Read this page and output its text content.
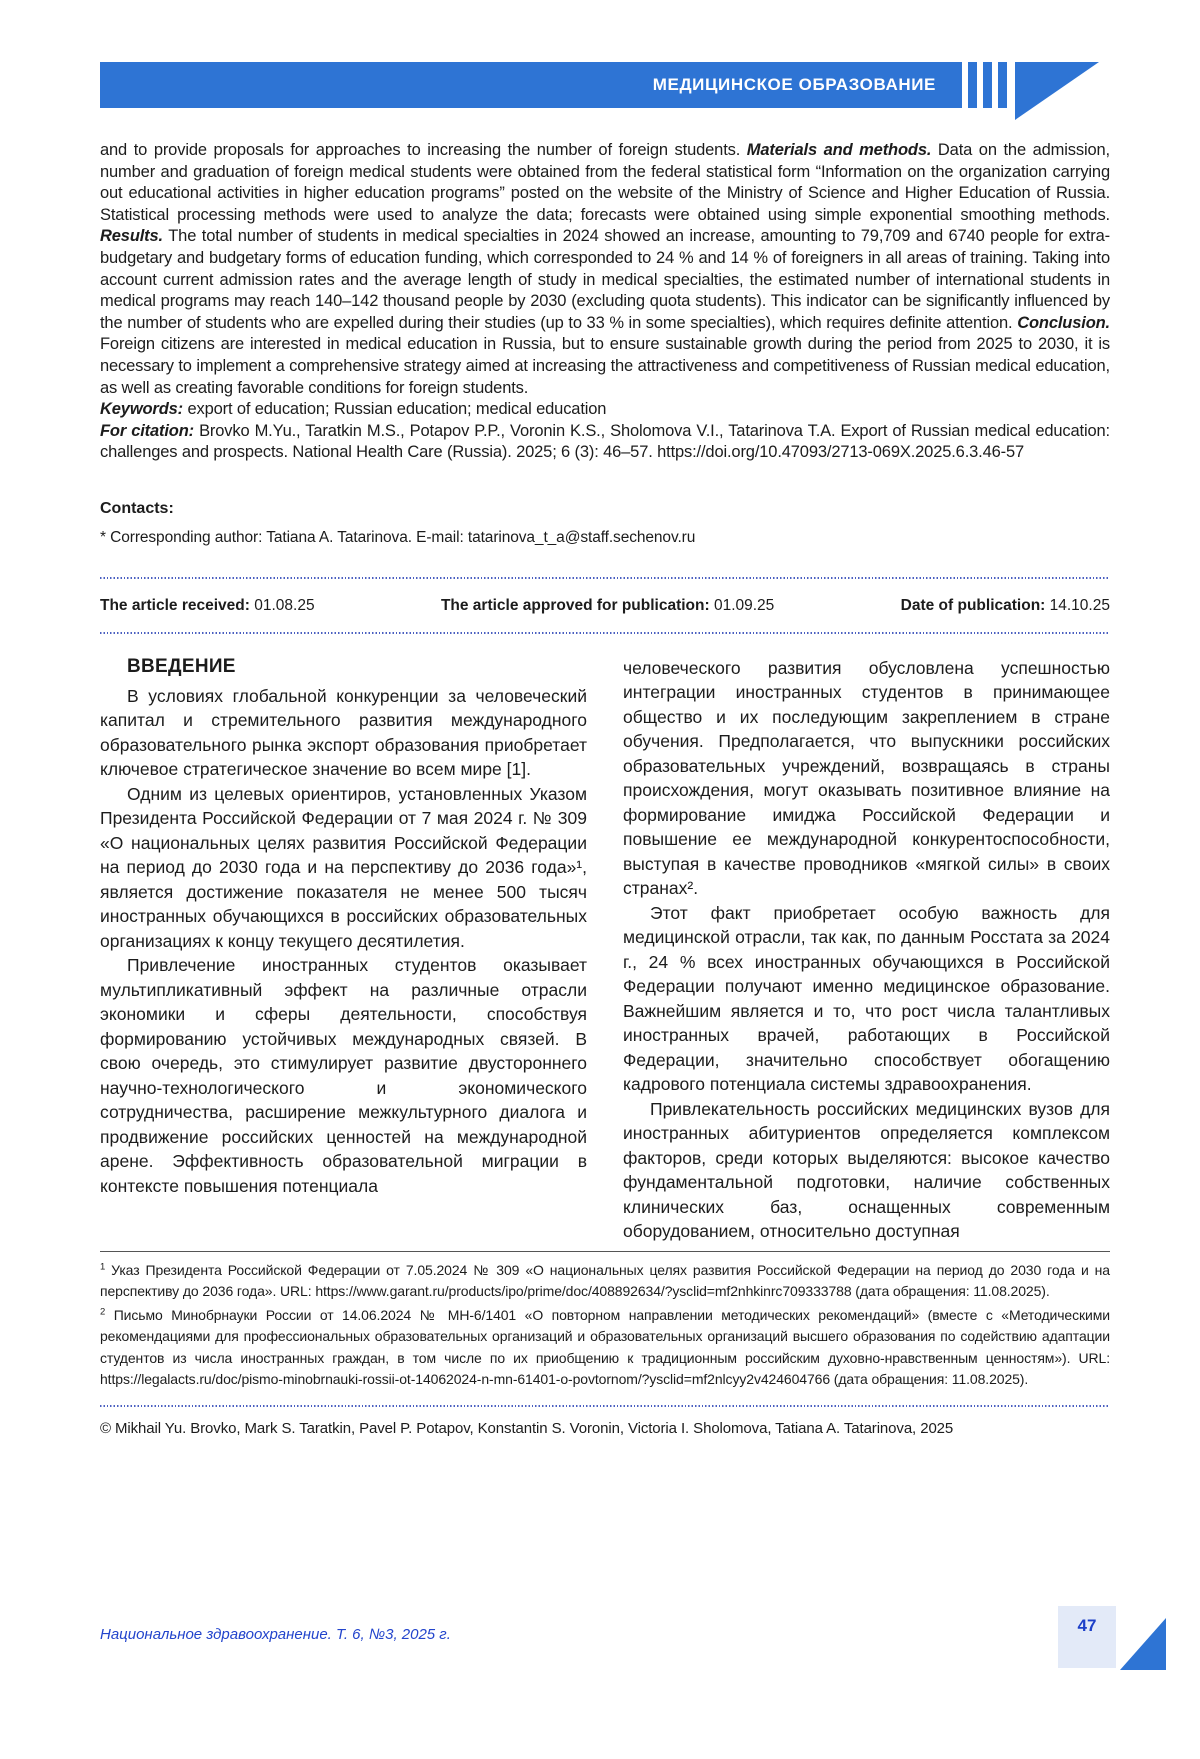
МЕДИЦИНСКОЕ ОБРАЗОВАНИЕ

and to provide proposals for approaches to increasing the number of foreign students. Materials and methods. Data on the admission, number and graduation of foreign medical students were obtained from the federal statistical form “Information on the organization carrying out educational activities in higher education programs” posted on the website of the Ministry of Science and Higher Education of Russia. Statistical processing methods were used to analyze the data; forecasts were obtained using simple exponential smoothing methods. Results. The total number of students in medical specialties in 2024 showed an increase, amounting to 79,709 and 6740 people for extra-budgetary and budgetary forms of education funding, which corresponded to 24 % and 14 % of foreigners in all areas of training. Taking into account current admission rates and the average length of study in medical specialties, the estimated number of international students in medical programs may reach 140–142 thousand people by 2030 (excluding quota students). This indicator can be significantly influenced by the number of students who are expelled during their studies (up to 33 % in some specialties), which requires definite attention. Conclusion. Foreign citizens are interested in medical education in Russia, but to ensure sustainable growth during the period from 2025 to 2030, it is necessary to implement a comprehensive strategy aimed at increasing the attractiveness and competitiveness of Russian medical education, as well as creating favorable conditions for foreign students.

Keywords: export of education; Russian education; medical education

For citation: Brovko M.Yu., Taratkin M.S., Potapov P.P., Voronin K.S., Sholomova V.I., Tatarinova T.A. Export of Russian medical education: challenges and prospects. National Health Care (Russia). 2025; 6 (3): 46–57. https://doi.org/10.47093/2713-069X.2025.6.3.46-57

Contacts:
* Corresponding author: Tatiana A. Tatarinova. E-mail: tatarinova_t_a@staff.sechenov.ru
The article received: 01.08.25	The article approved for publication: 01.09.25	Date of publication: 14.10.25
ВВЕДЕНИЕ

В условиях глобальной конкуренции за человеческий капитал и стремительного развития международного образовательного рынка экспорт образования приобретает ключевое стратегическое значение во всем мире [1].

Одним из целевых ориентиров, установленных Указом Президента Российской Федерации от 7 мая 2024 г. № 309 «О национальных целях развития Российской Федерации на период до 2030 года и на перспективу до 2036 года»¹, является достижение показателя не менее 500 тысяч иностранных обучающихся в российских образовательных организациях к концу текущего десятилетия.

Привлечение иностранных студентов оказывает мультипликативный эффект на различные отрасли экономики и сферы деятельности, способствуя формированию устойчивых международных связей. В свою очередь, это стимулирует развитие двустороннего научно-технологического и экономического сотрудничества, расширение межкультурного диалога и продвижение российских ценностей на международной арене. Эффективность образовательной миграции в контексте повышения потенциала

человеческого развития обусловлена успешностью интеграции иностранных студентов в принимающее общество и их последующим закреплением в стране обучения. Предполагается, что выпускники российских образовательных учреждений, возвращаясь в страны происхождения, могут оказывать позитивное влияние на формирование имиджа Российской Федерации и повышение ее международной конкурентоспособности, выступая в качестве проводников «мягкой силы» в своих странах².

Этот факт приобретает особую важность для медицинской отрасли, так как, по данным Росстата за 2024 г., 24 % всех иностранных обучающихся в Российской Федерации получают именно медицинское образование. Важнейшим является и то, что рост числа талантливых иностранных врачей, работающих в Российской Федерации, значительно способствует обогащению кадрового потенциала системы здравоохранения.

Привлекательность российских медицинских вузов для иностранных абитуриентов определяется комплексом факторов, среди которых выделяются: высокое качество фундаментальной подготовки, наличие собственных клинических баз, оснащенных современным оборудованием, относительно доступная

$^1$ Указ Президента Российской Федерации от 7.05.2024 № 309 «О национальных целях развития Российской Федерации на период до 2030 года и на перспективу до 2036 года». URL: https://www.garant.ru/products/ipo/prime/doc/408892634/?ysclid=mf2nhkinrc709333788 (дата обращения: 11.08.2025).

$^2$ Письмо Минобрнауки России от 14.06.2024 № МН-6/1401 «О повторном направлении методических рекомендаций» (вместе с «Методическими рекомендациями для профессиональных образовательных организаций и образовательных организаций высшего образования по содействию адаптации студентов из числа иностранных граждан, в том числе по их приобщению к традиционным российским духовно-нравственным ценностям»). URL: https://legalacts.ru/doc/pismo-minobrnauki-rossii-ot-14062024-n-mn-61401-o-povtornom/?ysclid=mf2nlcyy2v424604766 (дата обращения: 11.08.2025).

© Mikhail Yu. Brovko, Mark S. Taratkin, Pavel P. Potapov, Konstantin S. Voronin, Victoria I. Sholomova, Tatiana A. Tatarinova, 2025

Национальное здравоохранение. Т. 6, №3, 2025 г.	47
